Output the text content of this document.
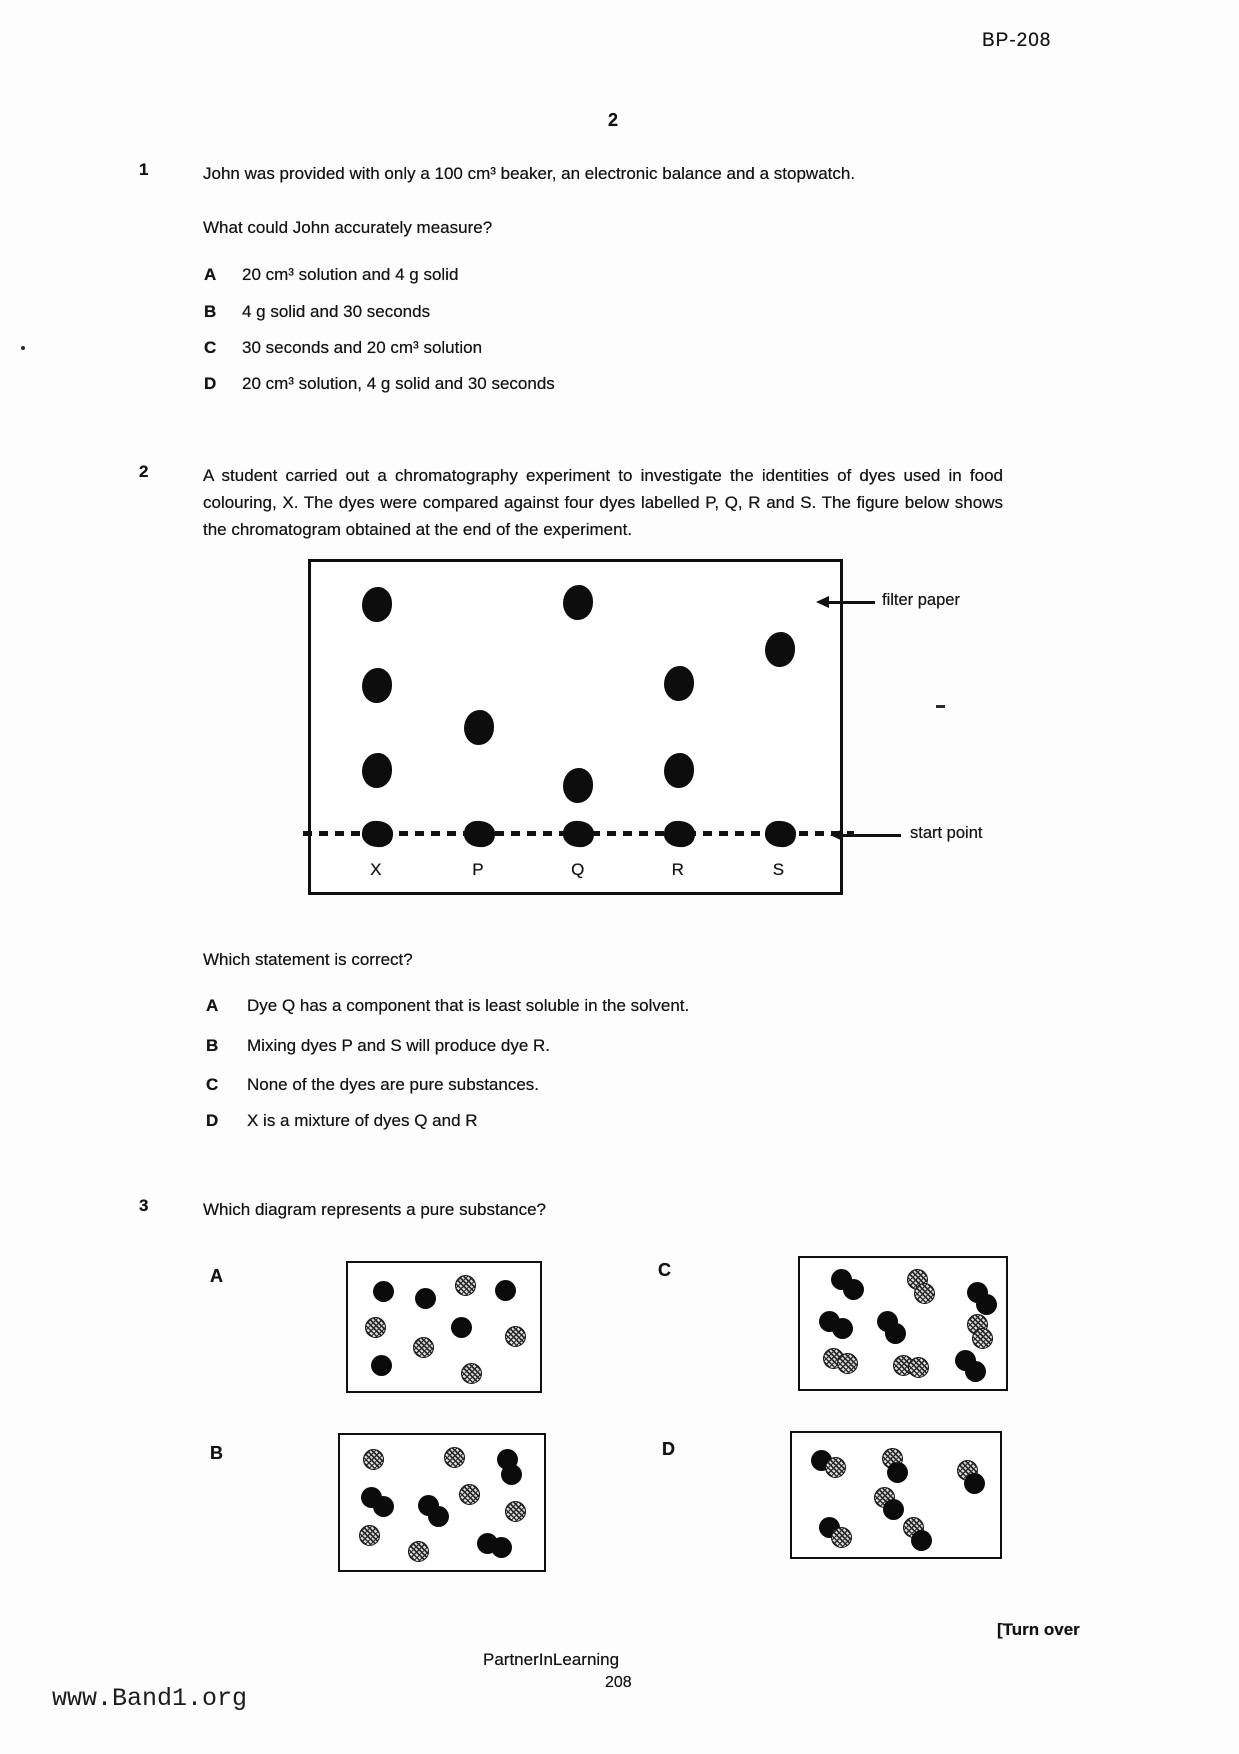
BP-208
2
1	John was provided with only a 100 cm³ beaker, an electronic balance and a stopwatch.
What could John accurately measure?
A 20 cm³ solution and 4 g solid
B 4 g solid and 30 seconds
C 30 seconds and 20 cm³ solution
D 20 cm³ solution, 4 g solid and 30 seconds
2	A student carried out a chromatography experiment to investigate the identities of dyes used in food colouring, X. The dyes were compared against four dyes labelled P, Q, R and S. The figure below shows the chromatogram obtained at the end of the experiment.
X	P	Q	R	S
filter paper
start point
Which statement is correct?
A Dye Q has a component that is least soluble in the solvent.
B Mixing dyes P and S will produce dye R.
C None of the dyes are pure substances.
D X is a mixture of dyes Q and R
3	Which diagram represents a pure substance?
A	C
B	D
[Turn over
PartnerInLearning
208
www.Band1.org
